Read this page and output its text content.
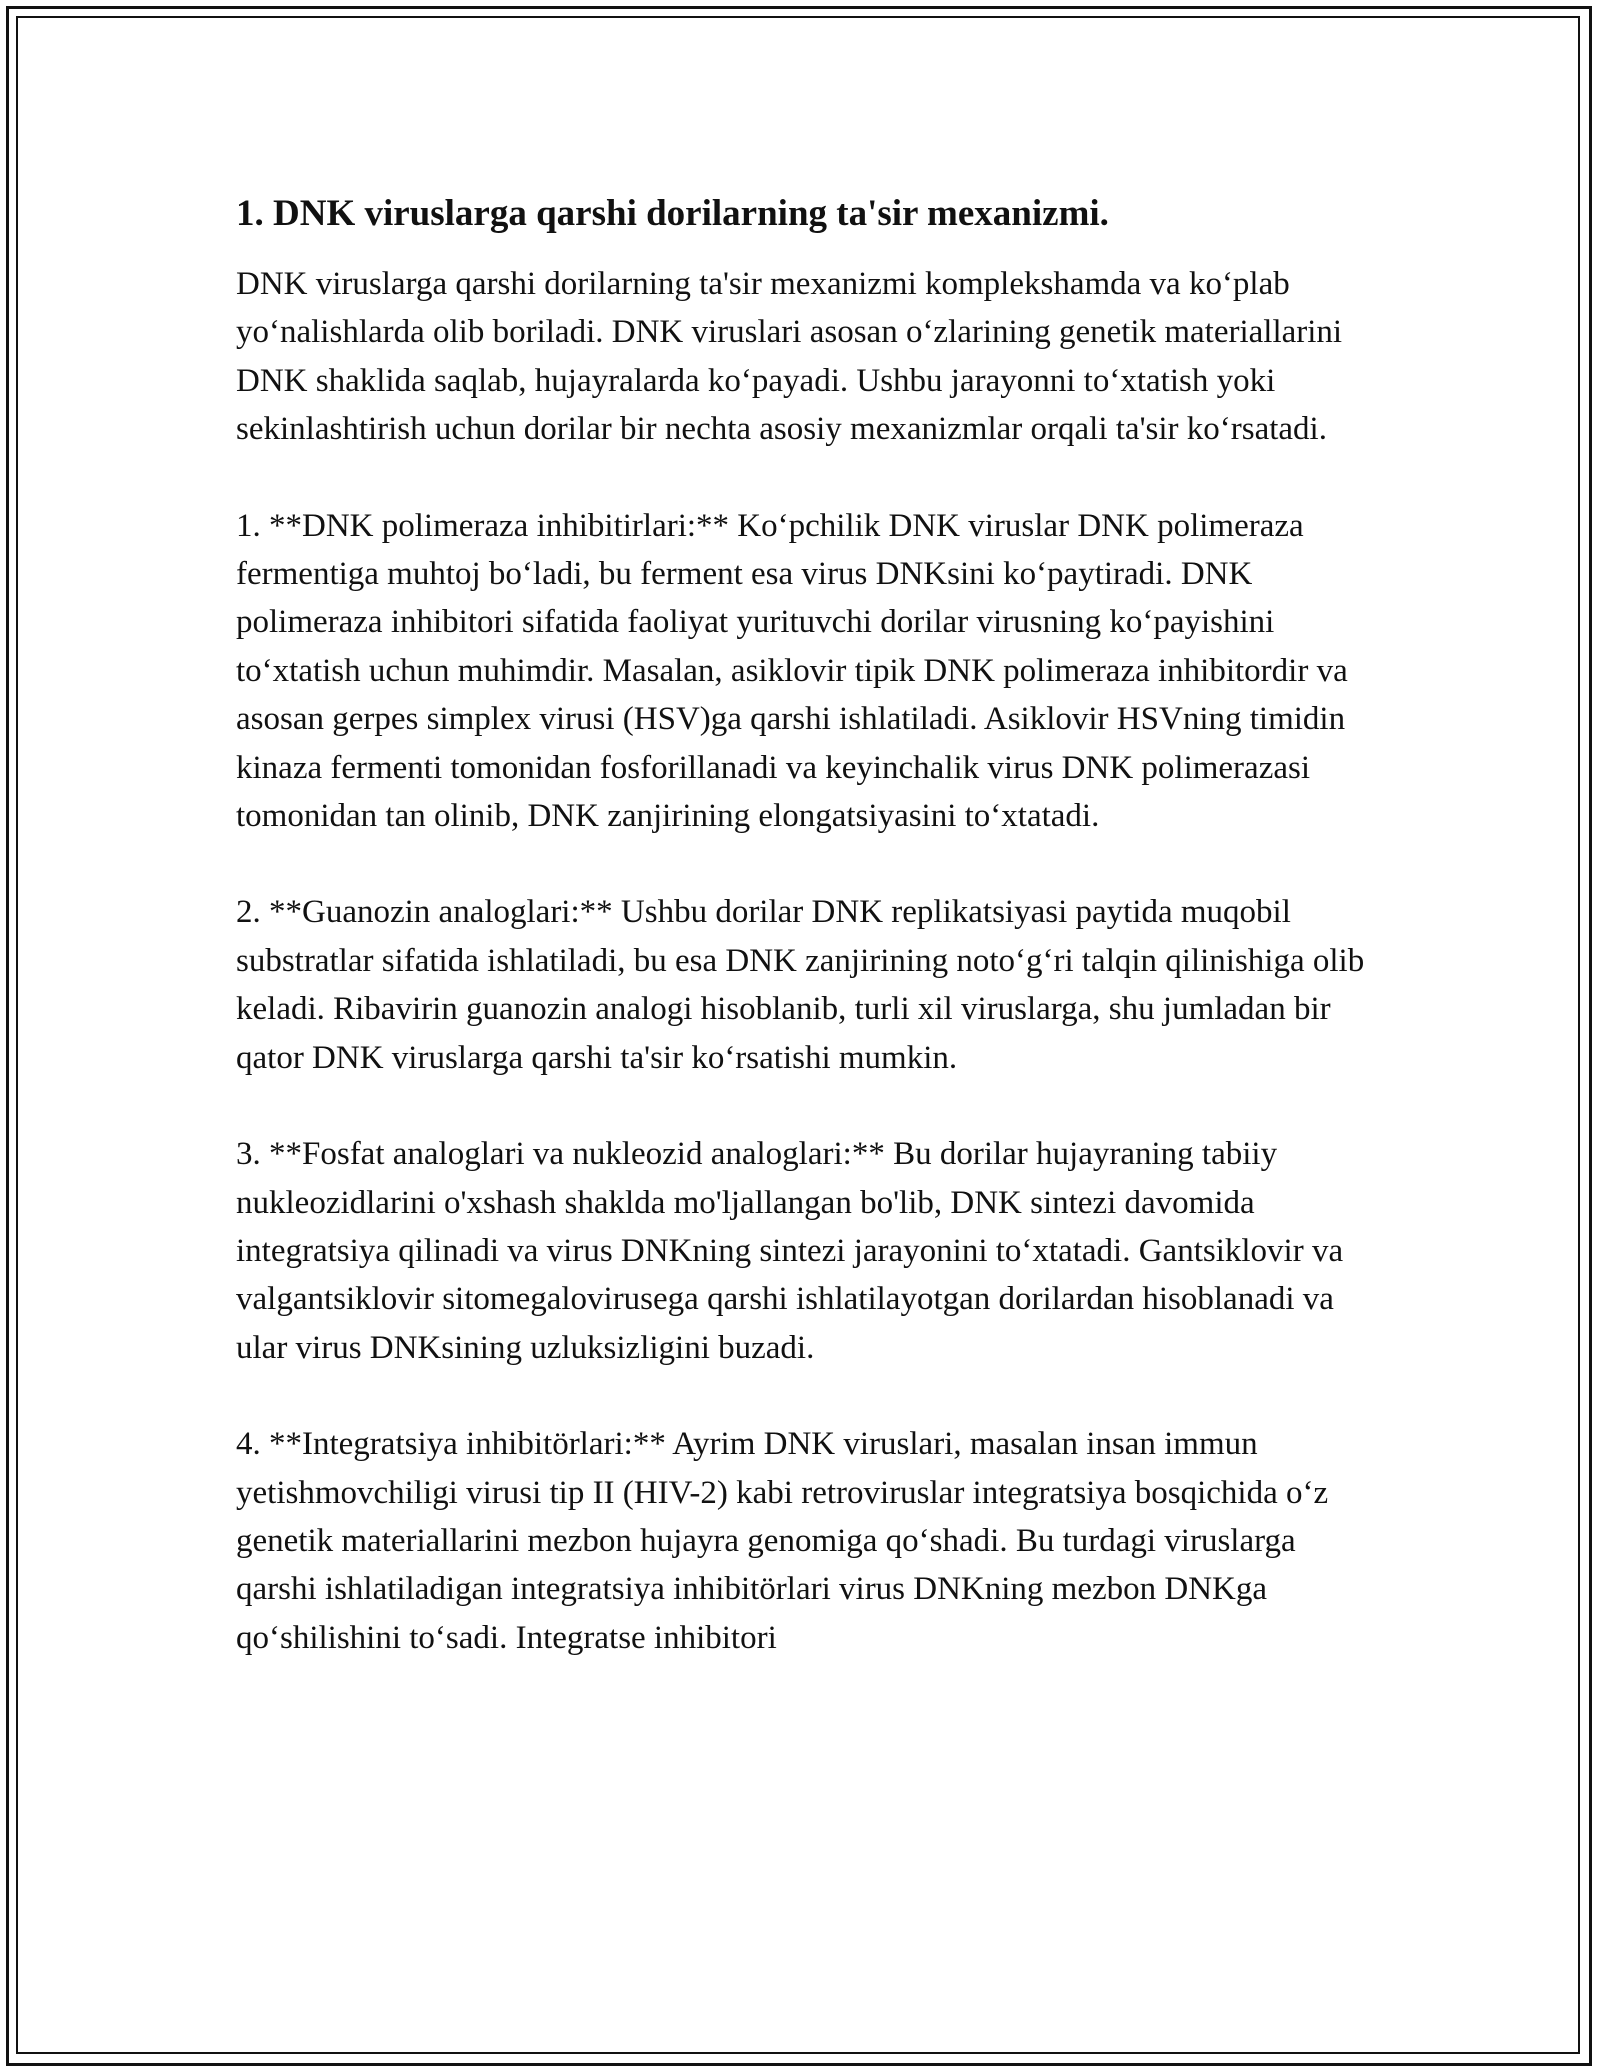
1. DNK viruslarga qarshi dorilarning ta'sir mexanizmi.

DNK viruslarga qarshi dorilarning ta'sir mexanizmi komplekshamda va ko‘plab yo‘nalishlarda olib boriladi. DNK viruslari asosan o‘zlarining genetik materiallarini DNK shaklida saqlab, hujayralarda ko‘payadi. Ushbu jarayonni to‘xtatish yoki sekinlashtirish uchun dorilar bir nechta asosiy mexanizmlar orqali ta'sir ko‘rsatadi.

1. **DNK polimeraza inhibitirlari:** Ko‘pchilik DNK viruslar DNK polimeraza fermentiga muhtoj bo‘ladi, bu ferment esa virus DNKsini ko‘paytiradi. DNK polimeraza inhibitori sifatida faoliyat yurituvchi dorilar virusning ko‘payishini to‘xtatish uchun muhimdir. Masalan, asiklovir tipik DNK polimeraza inhibitordir va asosan gerpes simplex virusi (HSV)ga qarshi ishlatiladi. Asiklovir HSVning timidin kinaza fermenti tomonidan fosforillanadi va keyinchalik virus DNK polimerazasi tomonidan tan olinib, DNK zanjirining elongatsiyasini to‘xtatadi.

2. **Guanozin analoglari:** Ushbu dorilar DNK replikatsiyasi paytida muqobil substratlar sifatida ishlatiladi, bu esa DNK zanjirining noto‘g‘ri talqin qilinishiga olib keladi. Ribavirin guanozin analogi hisoblanib, turli xil viruslarga, shu jumladan bir qator DNK viruslarga qarshi ta'sir ko‘rsatishi mumkin.

3. **Fosfat analoglari va nukleozid analoglari:** Bu dorilar hujayraning tabiiy nukleozidlarini o'xshash shaklda mo'ljallangan bo'lib, DNK sintezi davomida integratsiya qilinadi va virus DNKning sintezi jarayonini to‘xtatadi. Gantsiklovir va valgantsiklovir sitomegalovirusega qarshi ishlatilayotgan dorilardan hisoblanadi va ular virus DNKsining uzluksizligini buzadi.

4. **Integratsiya inhibitörlari:** Ayrim DNK viruslari, masalan insan immun yetishmovchiligi virusi tip II (HIV-2) kabi retroviruslar integratsiya bosqichida o‘z genetik materiallarini mezbon hujayra genomiga qo‘shadi. Bu turdagi viruslarga qarshi ishlatiladigan integratsiya inhibitörlari virus DNKning mezbon DNKga qo‘shilishini to‘sadi. Integratse inhibitori
